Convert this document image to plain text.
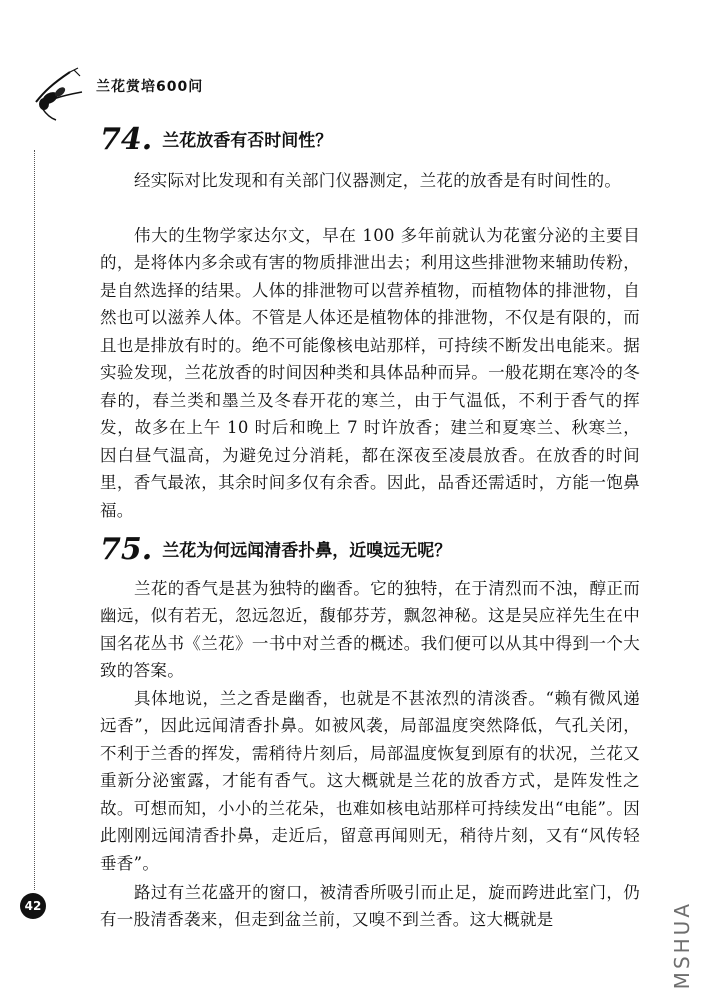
兰花赏培600问
74. 兰花放香有否时间性？

经实际对比发现和有关部门仪器测定，兰花的放香是有时间性的。

伟大的生物学家达尔文，早在 100 多年前就认为花蜜分泌的主要目的，是将体内多余或有害的物质排泄出去；利用这些排泄物来辅助传粉，是自然选择的结果。人体的排泄物可以营养植物，而植物体的排泄物，自然也可以滋养人体。不管是人体还是植物体的排泄物，不仅是有限的，而且也是排放有时的。绝不可能像核电站那样，可持续不断发出电能来。据实验发现，兰花放香的时间因种类和具体品种而异。一般花期在寒冷的冬春的，春兰类和墨兰及冬春开花的寒兰，由于气温低，不利于香气的挥发，故多在上午 10 时后和晚上 7 时许放香；建兰和夏寒兰、秋寒兰，因白昼气温高，为避免过分消耗，都在深夜至凌晨放香。在放香的时间里，香气最浓，其余时间多仅有余香。因此，品香还需适时，方能一饱鼻福。

75. 兰花为何远闻清香扑鼻，近嗅远无呢？

兰花的香气是甚为独特的幽香。它的独特，在于清烈而不浊，醇正而幽远，似有若无，忽远忽近，馥郁芬芳，飘忽神秘。这是吴应祥先生在中国名花丛书《兰花》一书中对兰香的概述。我们便可以从其中得到一个大致的答案。

具体地说，兰之香是幽香，也就是不甚浓烈的清淡香。“赖有微风递远香”，因此远闻清香扑鼻。如被风袭，局部温度突然降低，气孔关闭，不利于兰香的挥发，需稍待片刻后，局部温度恢复到原有的状况，兰花又重新分泌蜜露，才能有香气。这大概就是兰花的放香方式，是阵发性之故。可想而知，小小的兰花朵，也难如核电站那样可持续发出“电能”。因此刚刚远闻清香扑鼻，走近后，留意再闻则无，稍待片刻，又有“风传轻垂香”。

路过有兰花盛开的窗口，被清香所吸引而止足，旋而跨进此室门，仍有一股清香袭来，但走到盆兰前，又嗅不到兰香。这大概就是

42	MSHUA
